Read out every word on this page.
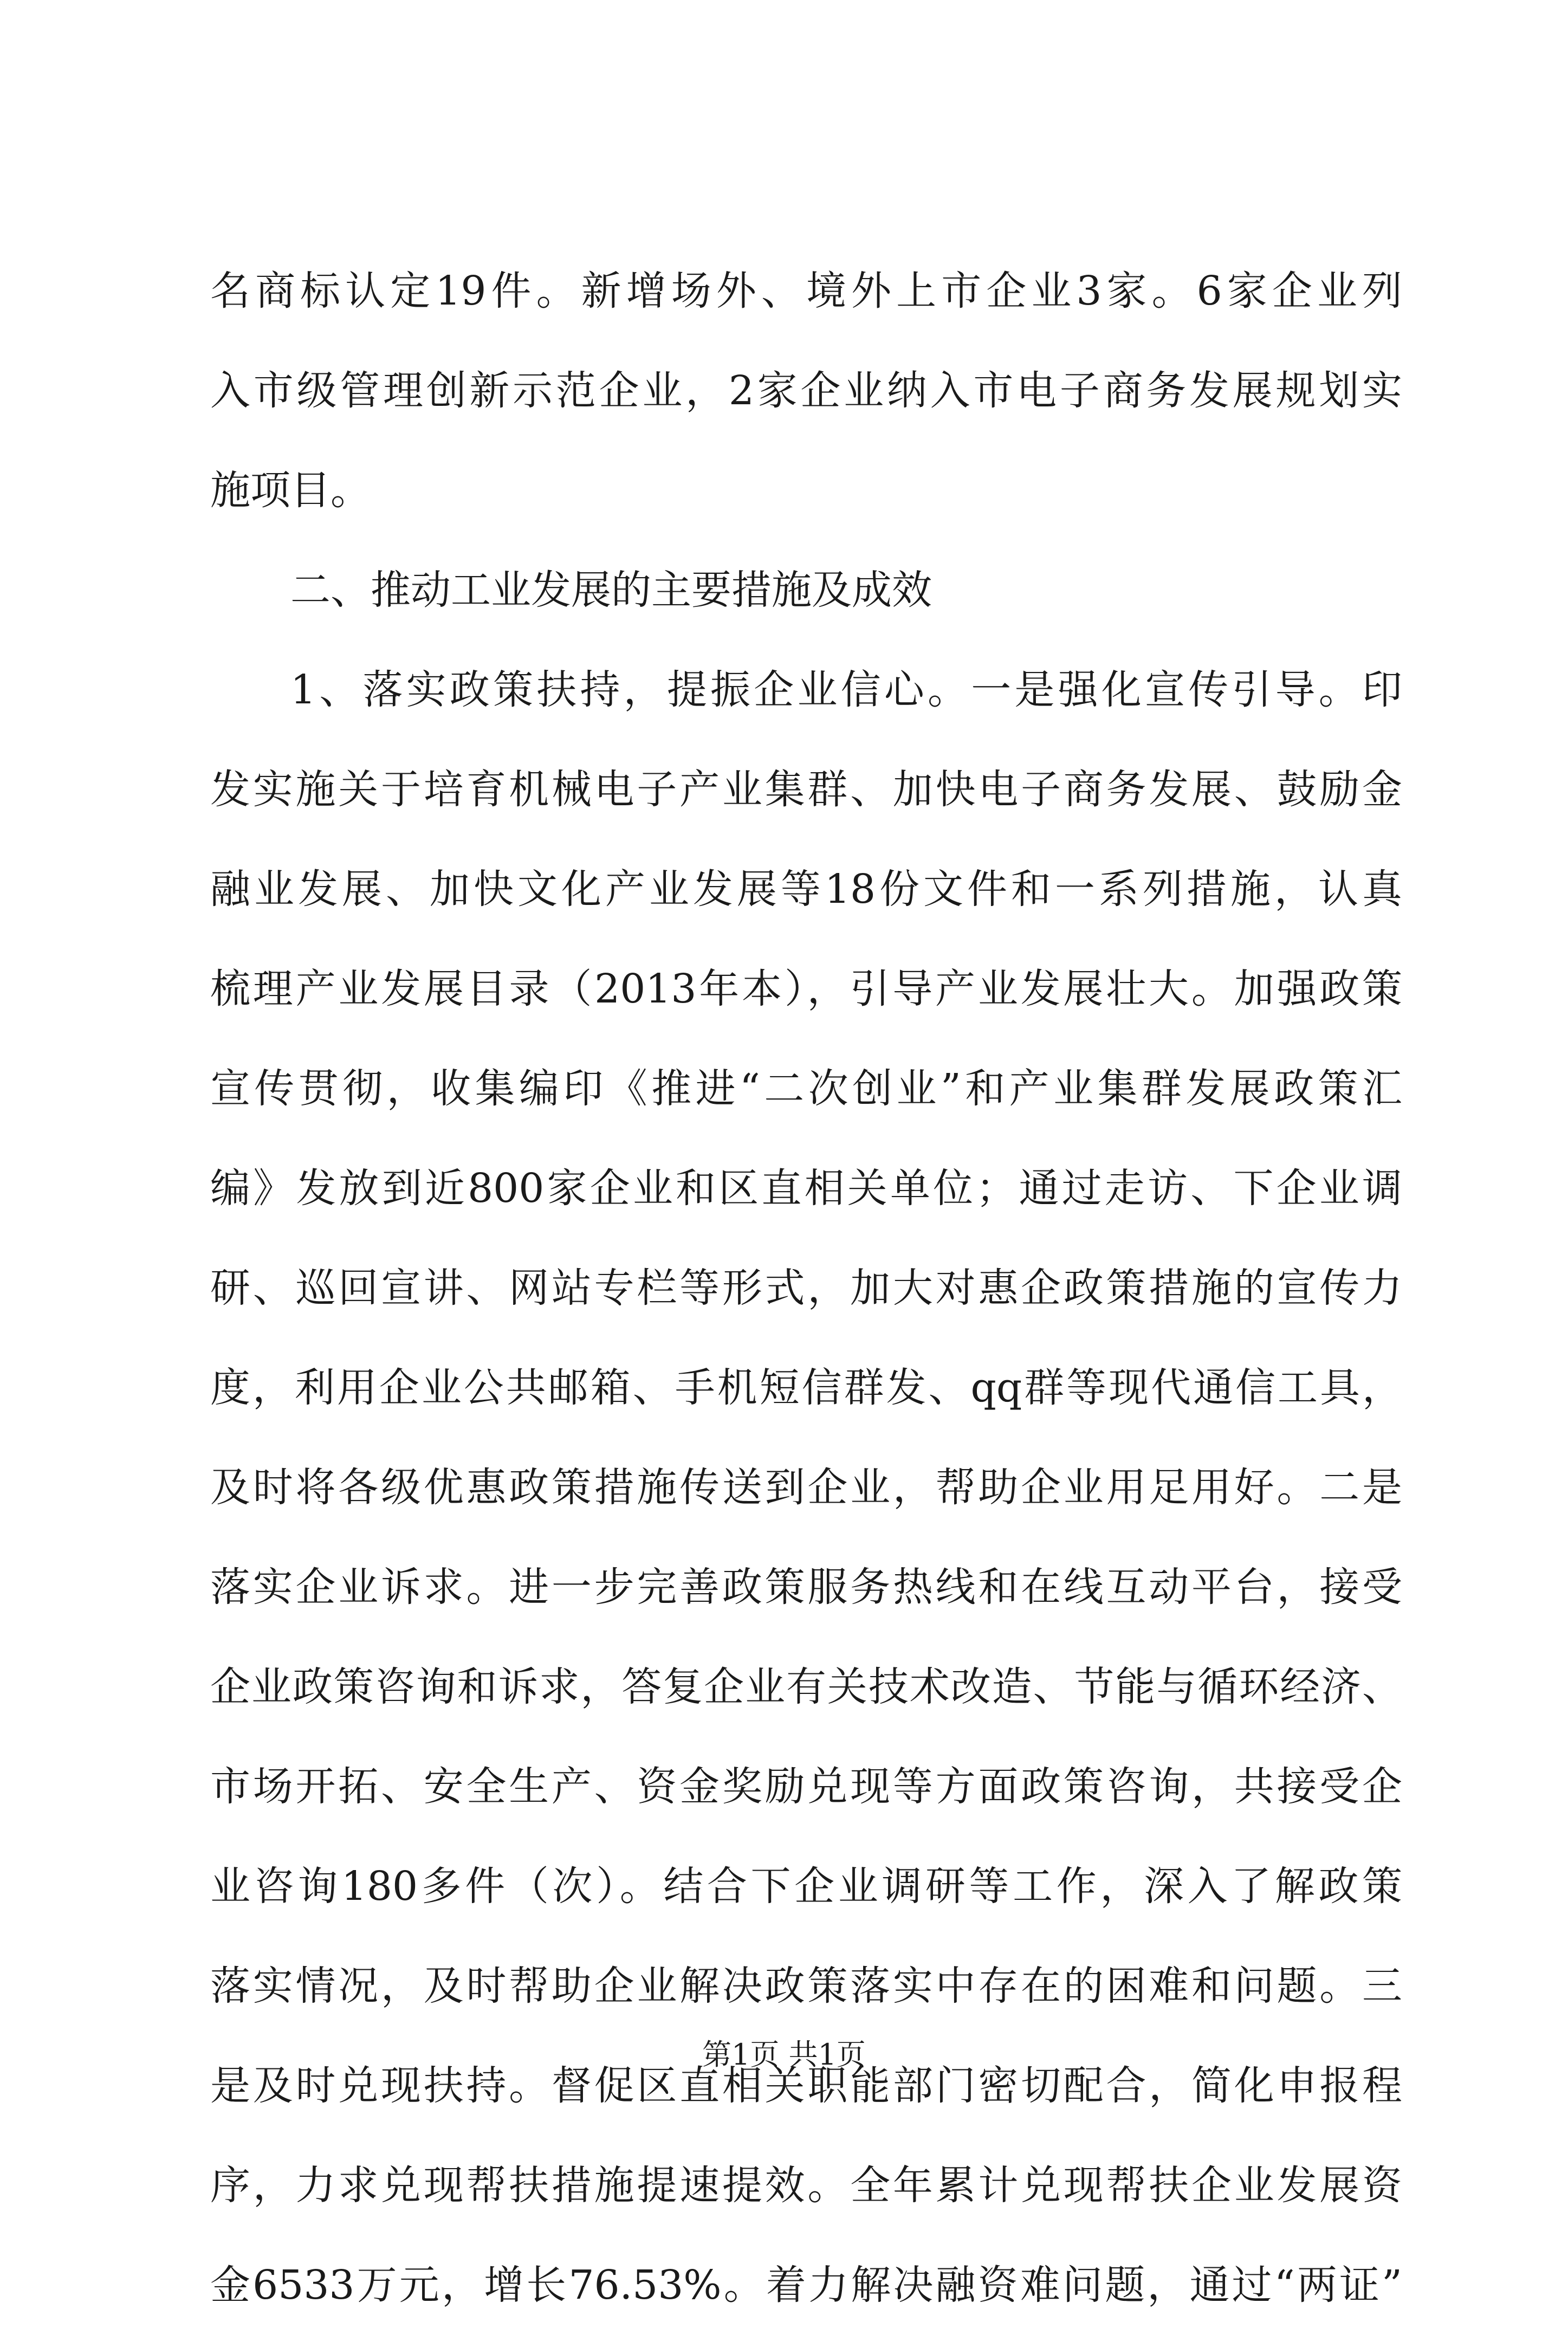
名商标认定19件。新增场外、境外上市企业3家。6家企业列
入市级管理创新示范企业，2家企业纳入市电子商务发展规划实
施项目。
二、推动工业发展的主要措施及成效
1、落实政策扶持，提振企业信心。一是强化宣传引导。印
发实施关于培育机械电子产业集群、加快电子商务发展、鼓励金
融业发展、加快文化产业发展等18份文件和一系列措施，认真
梳理产业发展目录（2013年本），引导产业发展壮大。加强政策
宣传贯彻，收集编印《推进“二次创业”和产业集群发展政策汇
编》发放到近800家企业和区直相关单位；通过走访、下企业调
研、巡回宣讲、网站专栏等形式，加大对惠企政策措施的宣传力
度，利用企业公共邮箱、手机短信群发、qq群等现代通信工具，
及时将各级优惠政策措施传送到企业，帮助企业用足用好。二是
落实企业诉求。进一步完善政策服务热线和在线互动平台，接受
企业政策咨询和诉求，答复企业有关技术改造、节能与循环经济、
市场开拓、安全生产、资金奖励兑现等方面政策咨询，共接受企
业咨询180多件（次）。结合下企业调研等工作，深入了解政策
落实情况，及时帮助企业解决政策落实中存在的困难和问题。三
是及时兑现扶持。督促区直相关职能部门密切配合，简化申报程
序，力求兑现帮扶措施提速提效。全年累计兑现帮扶企业发展资
金6533万元，增长76.53%。着力解决融资难问题，通过“两证”
第1页 共1页
